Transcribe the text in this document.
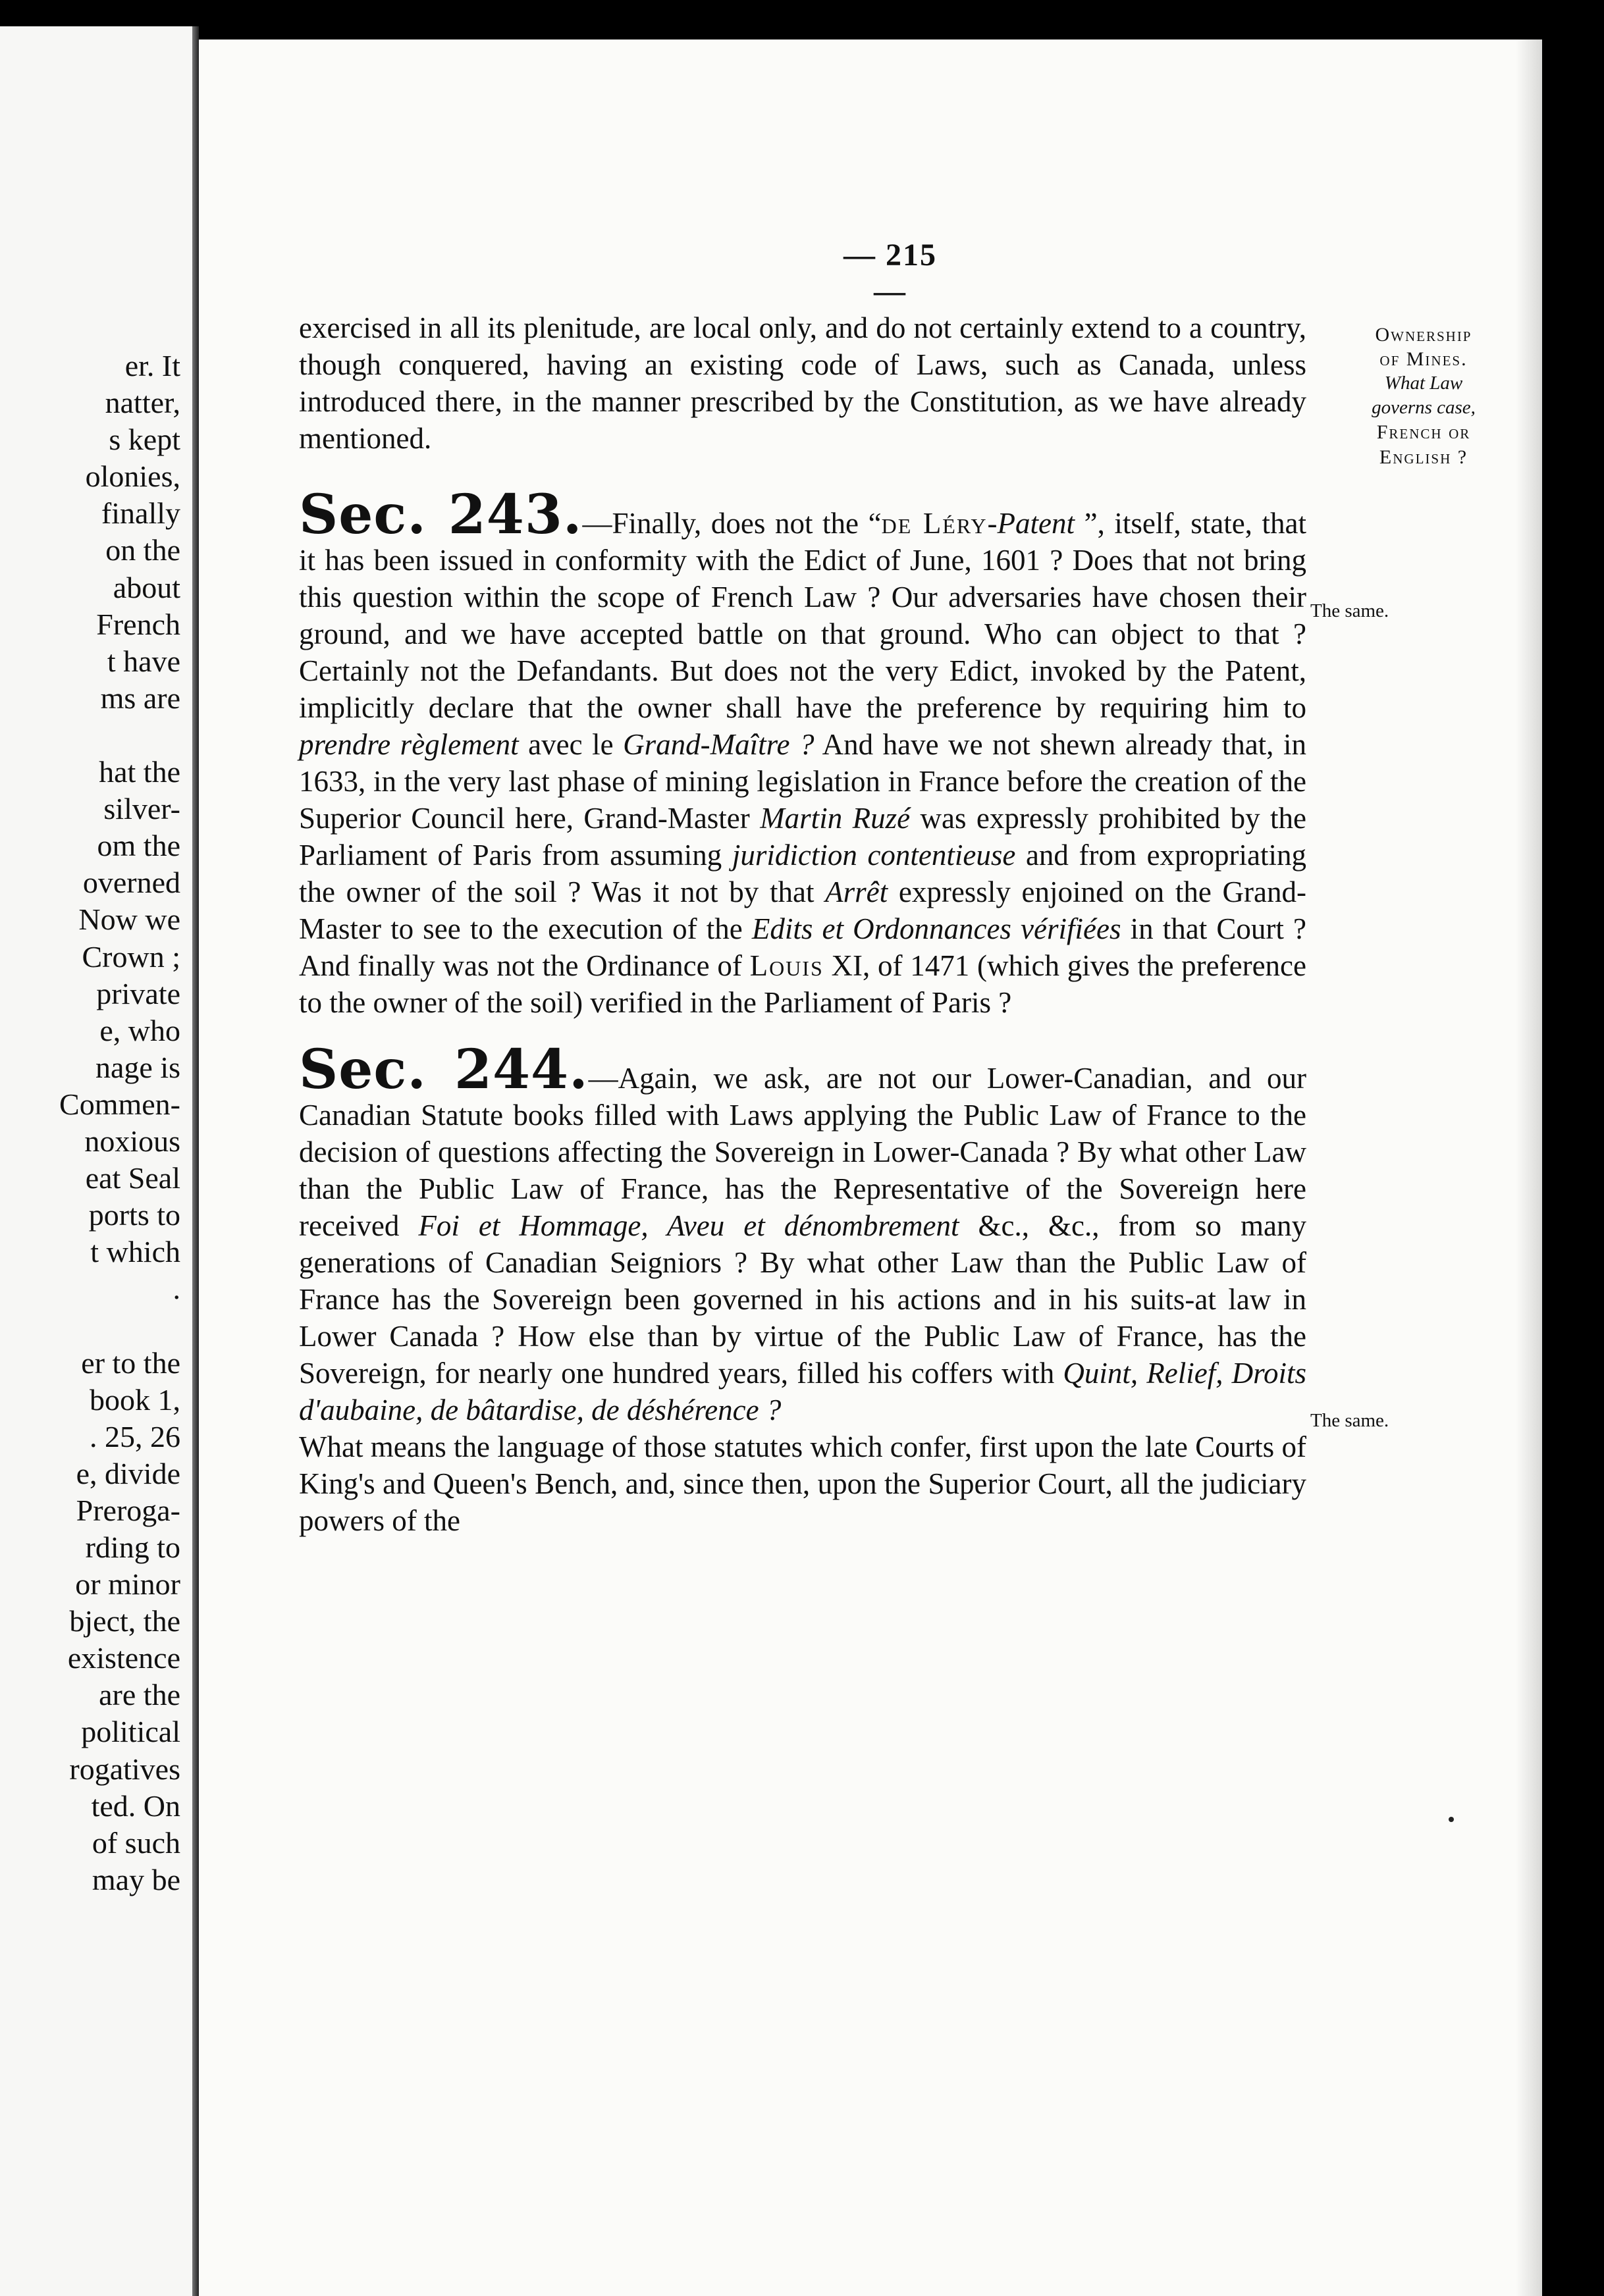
er. It
natter,
s kept
olonies,
finally
on the
about
French
t have
ms are
hat the
silver-
om the
overned
Now we
Crown ;
private
e, who
nage is
Commen-
noxious
eat Seal
ports to
t which
.
er to the
book 1,
. 25, 26
e, divide
Preroga-
rding to
or minor
bject, the
existence
are the
political
rogatives
ted. On
of such
may be
— 215 —

exercised in all its plenitude, are local only, and do not certainly extend to a country, though conquered, having an existing code of Laws, such as Canada, unless introduced there, in the manner prescribed by the Constitution, as we have already mentioned.

Sec. 243.—Finally, does not the “de Léry-Patent ”, itself, state, that it has been issued in conformity with the Edict of June, 1601 ? Does that not bring this question within the scope of French Law ? Our adversaries have chosen their ground, and we have accepted battle on that ground. Who can object to that ? Certainly not the Defandants. But does not the very Edict, invoked by the Patent, implicitly declare that the owner shall have the preference by requiring him to prendre règlement avec le Grand-Maître ? And have we not shewn already that, in 1633, in the very last phase of mining legislation in France before the creation of the Superior Council here, Grand-Master Martin Ruzé was expressly prohibited by the Parliament of Paris from assuming juridiction contentieuse and from expropriating the owner of the soil ? Was it not by that Arrêt expressly enjoined on the Grand-Master to see to the execution of the Edits et Ordonnances vérifiées in that Court ? And finally was not the Ordinance of Louis XI, of 1471 (which gives the preference to the owner of the soil) verified in the Parliament of Paris ?

Sec. 244.—Again, we ask, are not our Lower-Canadian, and our Canadian Statute books filled with Laws applying the Public Law of France to the decision of questions affecting the Sovereign in Lower-Canada ? By what other Law than the Public Law of France, has the Representative of the Sovereign here received Foi et Hommage, Aveu et dénombrement &c., &c., from so many generations of Canadian Seigniors ? By what other Law than the Public Law of France has the Sovereign been governed in his actions and in his suits-at law in Lower Canada ? How else than by virtue of the Public Law of France, has the Sovereign, for nearly one hundred years, filled his coffers with Quint, Relief, Droits d'aubaine, de bâtardise, de déshérence ?

What means the language of those statutes which confer, first upon the late Courts of King's and Queen's Bench, and, since then, upon the Superior Court, all the judiciary powers of the

Ownership
of Mines.
What Law
governs case,
French or
English ?
The same.
The same.
